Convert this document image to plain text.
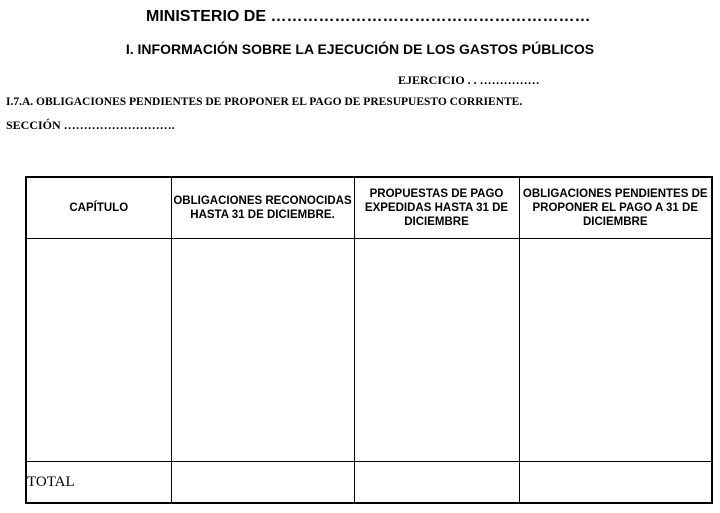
MINISTERIO DE ……………………………………………………
I. INFORMACIÓN SOBRE LA EJECUCIÓN DE LOS GASTOS PÚBLICOS
EJERCICIO . . ……………
I.7.A. OBLIGACIONES PENDIENTES DE PROPONER EL PAGO DE PRESUPUESTO CORRIENTE.
SECCIÓN ……………………….
CAPÍTULO	OBLIGACIONES RECONOCIDAS HASTA 31 DE DICIEMBRE.	PROPUESTAS DE PAGO EXPEDIDAS HASTA 31 DE DICIEMBRE	OBLIGACIONES PENDIENTES DE PROPONER EL PAGO A 31 DE DICIEMBRE

TOTAL			
